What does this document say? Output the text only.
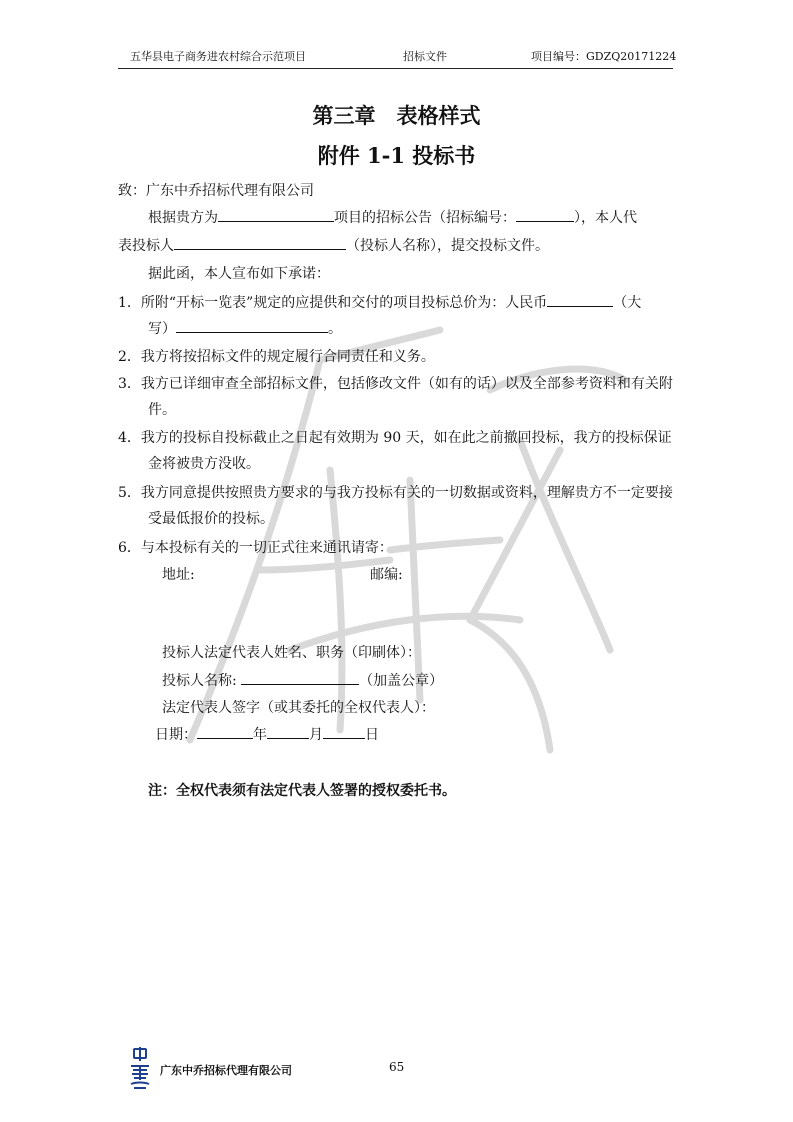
五华县电子商务进农村综合示范项目	招标文件	项目编号：GDZQ20171224
第三章　表格样式
附件 1-1 投标书
致：广东中乔招标代理有限公司
根据贵方为	项目的招标公告（招标编号：	），本人代
表投标人	（投标人名称），提交投标文件。
据此函，本人宣布如下承诺：
1．所附“开标一览表”规定的应提供和交付的项目投标总价为：人民币	（大
写）	。
2．我方将按招标文件的规定履行合同责任和义务。
3．我方已详细审查全部招标文件，包括修改文件（如有的话）以及全部参考资料和有关附
件。
4．我方的投标自投标截止之日起有效期为 90 天，如在此之前撤回投标，我方的投标保证
金将被贵方没收。
5．我方同意提供按照贵方要求的与我方投标有关的一切数据或资料，理解贵方不一定要接
受最低报价的投标。
6．与本投标有关的一切正式往来通讯请寄：
地址:	邮编:
投标人法定代表人姓名、职务（印刷体）：
投标人名称:	（加盖公章）
法定代表人签字（或其委托的全权代表人）：
日期：	年	月	日
注：全权代表须有法定代表人签署的授权委托书。
广东中乔招标代理有限公司	65
